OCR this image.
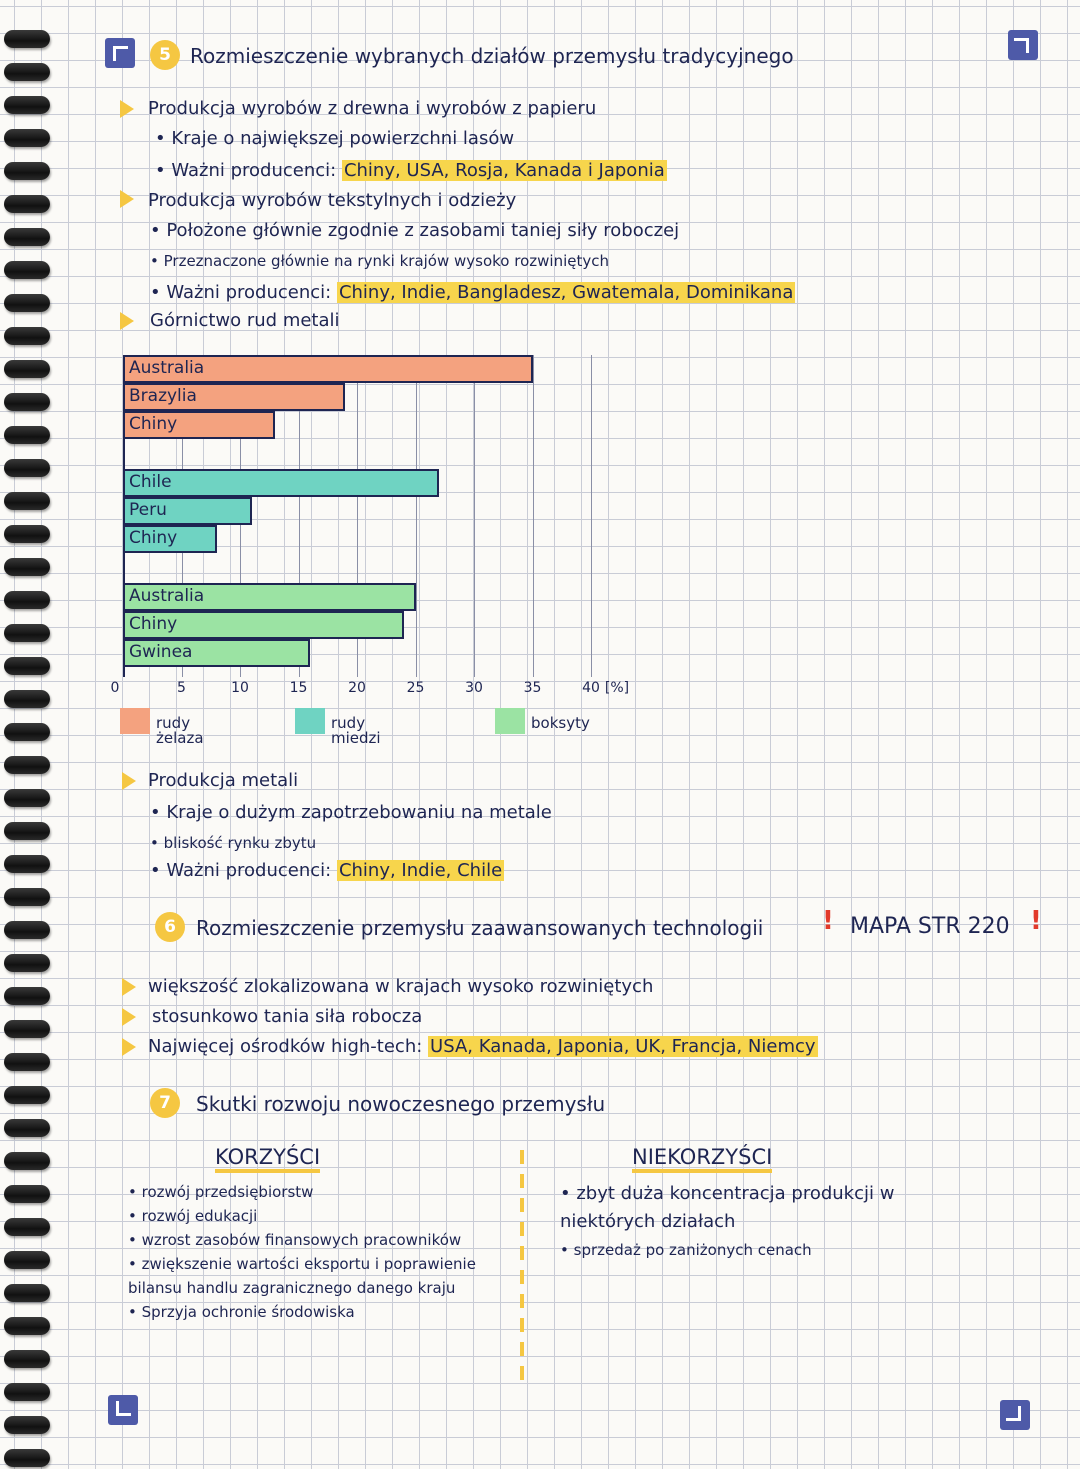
5 Rozmieszczenie wybranych działów przemysłu tradycyjnego
Produkcja wyrobów z drewna i wyrobów z papieru
• Kraje o największej powierzchni lasów
• Ważni producenci: Chiny, USA, Rosja, Kanada i Japonia
Produkcja wyrobów tekstylnych i odzieży
• Położone głównie zgodnie z zasobami taniej siły roboczej
• Przeznaczone głównie na rynki krajów wysoko rozwiniętych
• Ważni producenci: Chiny, Indie, Bangladesz, Gwatemala, Dominikana
Górnictwo rud metali
Australia
Brazylia
Chiny
Chile
Peru
Chiny
Australia
Chiny
Gwinea
0	5	10	15	20	25	30	35	40 [%]
rudy żelaza
rudy miedzi
boksyty
Produkcja metali
• Kraje o dużym zapotrzebowaniu na metale
• bliskość rynku zbytu
• Ważni producenci: Chiny, Indie, Chile
6	Rozmieszczenie przemysłu zaawansowanych technologii ! MAPA STR 220 !
większość zlokalizowana w krajach wysoko rozwiniętych
stosunkowo tania siła robocza
Najwięcej ośrodków high-tech: USA, Kanada, Japonia, UK, Francja, Niemcy
7	Skutki rozwoju nowoczesnego przemysłu
KORZYŚCI	NIEKORZYŚCI
• rozwój przedsiębiorstw
• rozwój edukacji
• wzrost zasobów finansowych pracowników
• zwiększenie wartości eksportu i poprawienie bilansu handlu zagranicznego danego kraju
• Sprzyja ochronie środowiska
• zbyt duża koncentracja produkcji w niektórych działach
• sprzedaż po zaniżonych cenach
